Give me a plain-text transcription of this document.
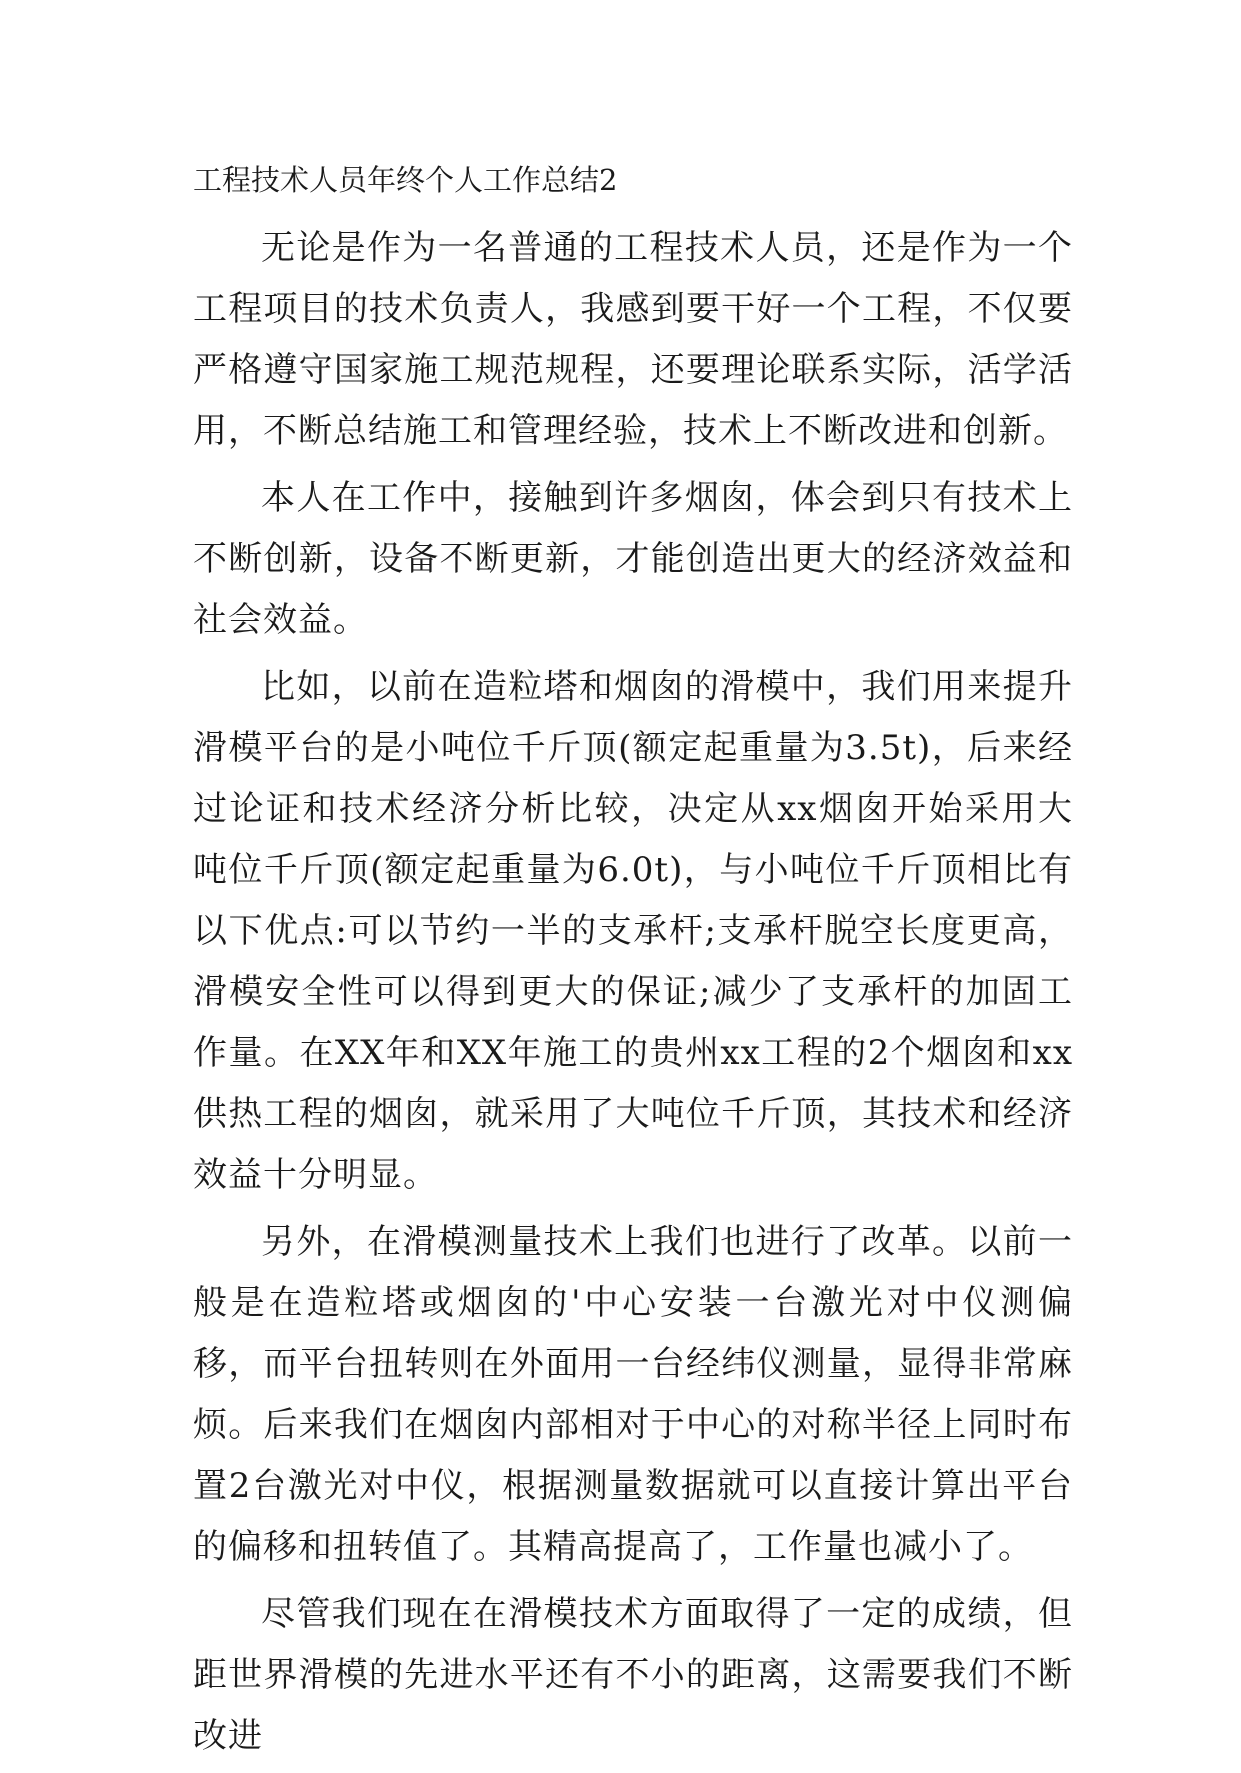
工程技术人员年终个人工作总结2

无论是作为一名普通的工程技术人员，还是作为一个工程项目的技术负责人，我感到要干好一个工程，不仅要严格遵守国家施工规范规程，还要理论联系实际，活学活用，不断总结施工和管理经验，技术上不断改进和创新。

本人在工作中，接触到许多烟囱，体会到只有技术上不断创新，设备不断更新，才能创造出更大的经济效益和社会效益。

比如，以前在造粒塔和烟囱的滑模中，我们用来提升滑模平台的是小吨位千斤顶(额定起重量为3.5t)，后来经过论证和技术经济分析比较，决定从xx烟囱开始采用大吨位千斤顶(额定起重量为6.0t)，与小吨位千斤顶相比有以下优点:可以节约一半的支承杆;支承杆脱空长度更高，滑模安全性可以得到更大的保证;减少了支承杆的加固工作量。在XX年和XX年施工的贵州xx工程的2个烟囱和xx供热工程的烟囱，就采用了大吨位千斤顶，其技术和经济效益十分明显。

另外，在滑模测量技术上我们也进行了改革。以前一般是在造粒塔或烟囱的'中心安装一台激光对中仪测偏移，而平台扭转则在外面用一台经纬仪测量，显得非常麻烦。后来我们在烟囱内部相对于中心的对称半径上同时布置2台激光对中仪，根据测量数据就可以直接计算出平台的偏移和扭转值了。其精高提高了，工作量也减小了。

尽管我们现在在滑模技术方面取得了一定的成绩，但距世界滑模的先进水平还有不小的距离，这需要我们不断改进
